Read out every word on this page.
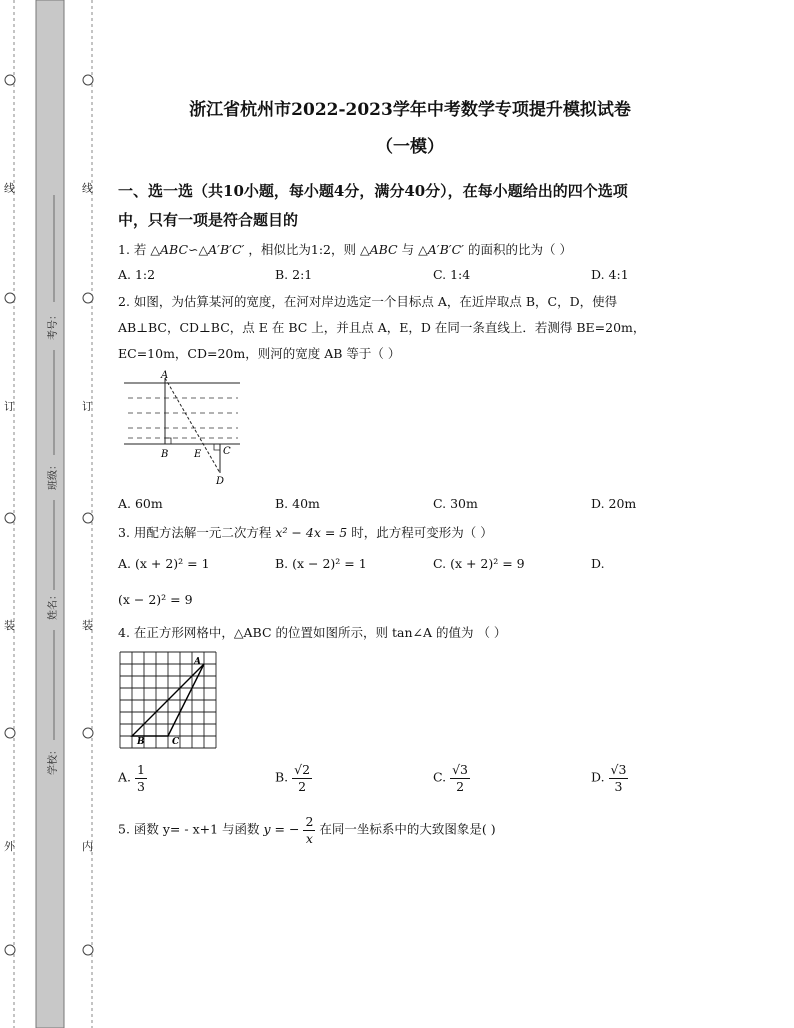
线
订
装
外
线
订
装
内
考号：
班级：
姓名：
学校：
浙江省杭州市2022-2023学年中考数学专项提升模拟试卷
（一模）
一、选一选（共10小题，每小题4分，满分40分），在每小题给出的四个选项
中，只有一项是符合题目的
1. 若 △ABC∽△A′B′C′ ，相似比为1:2，则 △ABC 与 △A′B′C′ 的面积的比为（ ）
A. 1:2	B. 2:1	C. 1:4	D. 4:1
2. 如图，为估算某河的宽度，在河对岸边选定一个目标点 A，在近岸取点 B，C，D，使得
AB⊥BC，CD⊥BC，点 E 在 BC 上，并且点 A，E，D 在同一条直线上．若测得 BE=20m，
EC=10m，CD=20m，则河的宽度 AB 等于（ ）
A
B	E C
D
A. 60m	B. 40m	C. 30m	D. 20m
3. 用配方法解一元二次方程 x² − 4x = 5 时，此方程可变形为（ ）
A. (x + 2)² = 1	B. (x − 2)² = 1	C. (x + 2)² = 9	D.
(x − 2)² = 9
4. 在正方形网格中，△ABC 的位置如图所示，则 tan∠A 的值为 （ ）
A
B	C
A. $\frac{1}{3}$	B. $\frac{√2}{2}$	C. $\frac{√3}{2}$	D. $\frac{√3}{3}$
5. 函数 y= - x+1 与函数 y = − $\frac{2}{x}$ 在同一坐标系中的大致图象是( )
